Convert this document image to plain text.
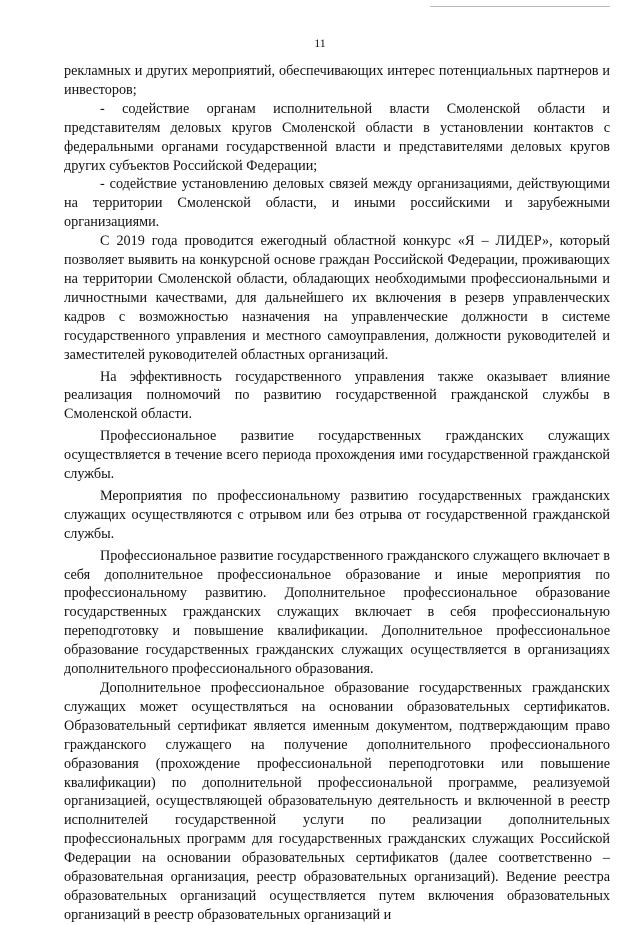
11

рекламных и других мероприятий, обеспечивающих интерес потенциальных партнеров и инвесторов;

- содействие органам исполнительной власти Смоленской области и представителям деловых кругов Смоленской области в установлении контактов с федеральными органами государственной власти и представителями деловых кругов других субъектов Российской Федерации;

- содействие установлению деловых связей между организациями, действующими на территории Смоленской области, и иными российскими и зарубежными организациями.

С 2019 года проводится ежегодный областной конкурс «Я – ЛИДЕР», который позволяет выявить на конкурсной основе граждан Российской Федерации, проживающих на территории Смоленской области, обладающих необходимыми профессиональными и личностными качествами, для дальнейшего их включения в резерв управленческих кадров с возможностью назначения на управленческие должности в системе государственного управления и местного самоуправления, должности руководителей и заместителей руководителей областных организаций.

На эффективность государственного управления также оказывает влияние реализация полномочий по развитию государственной гражданской службы в Смоленской области.

Профессиональное развитие государственных гражданских служащих осуществляется в течение всего периода прохождения ими государственной гражданской службы.

Мероприятия по профессиональному развитию государственных гражданских служащих осуществляются с отрывом или без отрыва от государственной гражданской службы.

Профессиональное развитие государственного гражданского служащего включает в себя дополнительное профессиональное образование и иные мероприятия по профессиональному развитию. Дополнительное профессиональное образование государственных гражданских служащих включает в себя профессиональную переподготовку и повышение квалификации. Дополнительное профессиональное образование государственных гражданских служащих осуществляется в организациях дополнительного профессионального образования.

Дополнительное профессиональное образование государственных гражданских служащих может осуществляться на основании образовательных сертификатов. Образовательный сертификат является именным документом, подтверждающим право гражданского служащего на получение дополнительного профессионального образования (прохождение профессиональной переподготовки или повышение квалификации) по дополнительной профессиональной программе, реализуемой организацией, осуществляющей образовательную деятельность и включенной в реестр исполнителей государственной услуги по реализации дополнительных профессиональных программ для государственных гражданских служащих Российской Федерации на основании образовательных сертификатов (далее соответственно – образовательная организация, реестр образовательных организаций). Ведение реестра образовательных организаций осуществляется путем включения образовательных организаций в реестр образовательных организаций и
